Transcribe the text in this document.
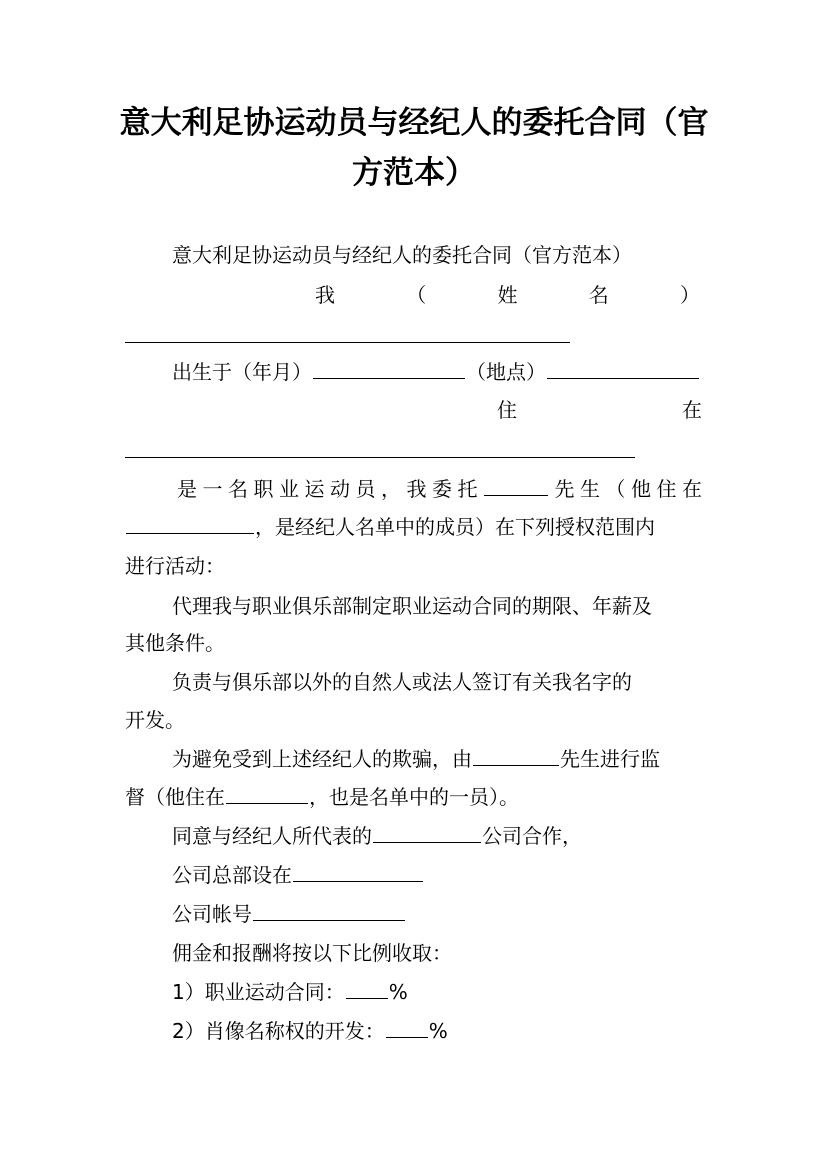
意大利足协运动员与经纪人的委托合同（官方范本）
意大利足协运动员与经纪人的委托合同（官方范本）
我	（	姓	名	）
出生于（年月）	（地点）
住	在
是一名职业运动员，我委托	先生（他住在
，是经纪人名单中的成员）在下列授权范围内
进行活动：
代理我与职业俱乐部制定职业运动合同的期限、年薪及
其他条件。
负责与俱乐部以外的自然人或法人签订有关我名字的
开发。
为避免受到上述经纪人的欺骗，由	先生进行监
督（他住在	，也是名单中的一员）。
同意与经纪人所代表的	公司合作，
公司总部设在
公司帐号
佣金和报酬将按以下比例收取：
1）职业运动合同： %
2）肖像名称权的开发： %
